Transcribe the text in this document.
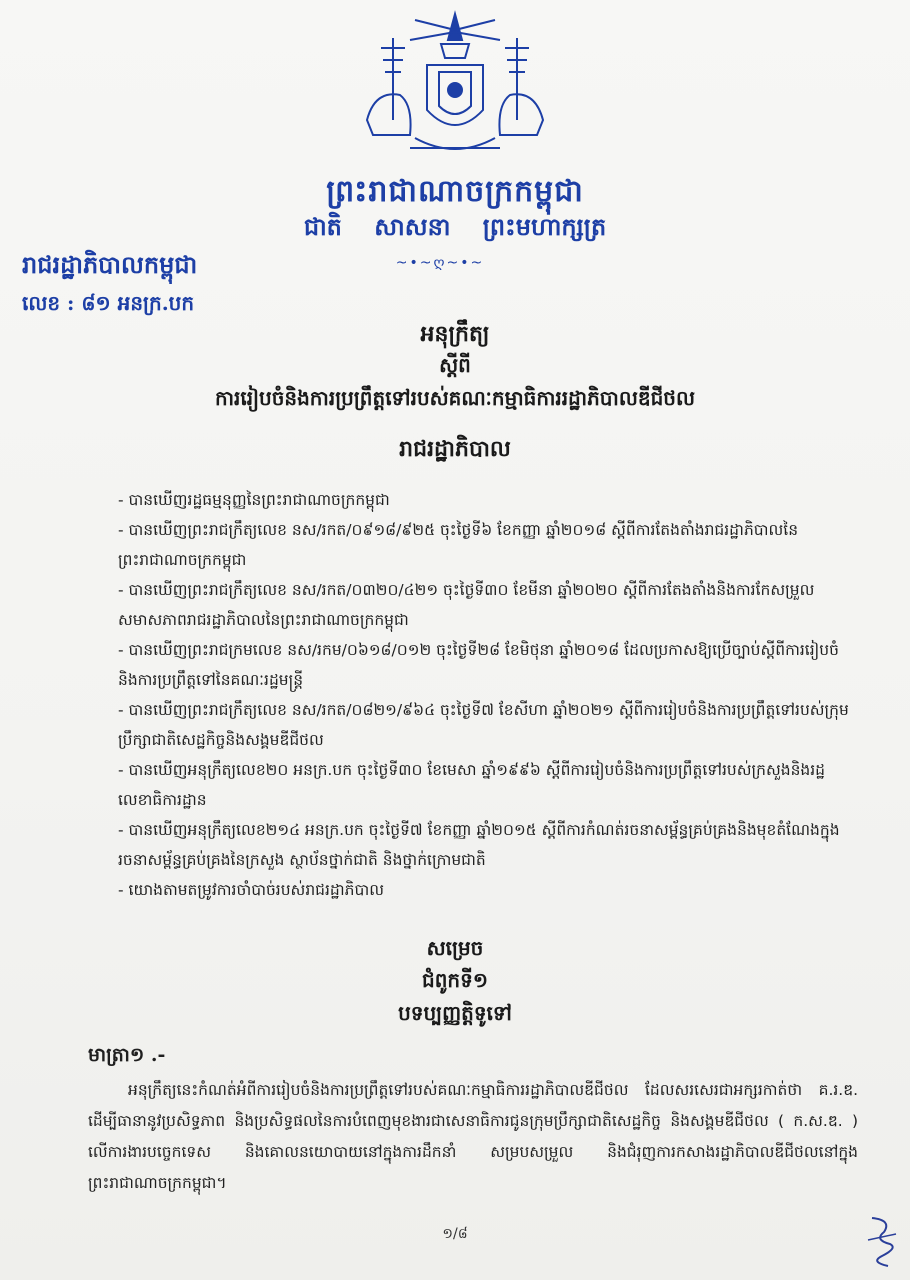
ព្រះរាជាណាចក្រកម្ពុជា
ជាតិ សាសនា ព្រះមហាក្សត្រ
~•~ღ~•~
រាជរដ្ឋាភិបាលកម្ពុជា
លេខ : ៨១ អនក្រ.បក
អនុក្រឹត្យ
ស្តីពី
ការរៀបចំនិងការប្រព្រឹត្តទៅរបស់គណៈកម្មាធិការរដ្ឋាភិបាលឌីជីថល
រាជរដ្ឋាភិបាល
- បានឃើញរដ្ឋធម្មនុញ្ញនៃព្រះរាជាណាចក្រកម្ពុជា
- បានឃើញព្រះរាជក្រឹត្យលេខ នស/រកត/០៩១៨/៩២៥ ចុះថ្ងៃទី៦ ខែកញ្ញា ឆ្នាំ២០១៨ ស្តីពីការតែងតាំងរាជរដ្ឋាភិបាលនៃព្រះរាជាណាចក្រកម្ពុជា
- បានឃើញព្រះរាជក្រឹត្យលេខ នស/រកត/០៣២០/៤២១ ចុះថ្ងៃទី៣០ ខែមីនា ឆ្នាំ២០២០ ស្តីពីការតែងតាំងនិងការកែសម្រួលសមាសភាពរាជរដ្ឋាភិបាលនៃព្រះរាជាណាចក្រកម្ពុជា
- បានឃើញព្រះរាជក្រមលេខ នស/រកម/០៦១៨/០១២ ចុះថ្ងៃទី២៨ ខែមិថុនា ឆ្នាំ២០១៨ ដែលប្រកាសឱ្យប្រើច្បាប់ស្តីពីការរៀបចំនិងការប្រព្រឹត្តទៅនៃគណៈរដ្ឋមន្ត្រី
- បានឃើញព្រះរាជក្រឹត្យលេខ នស/រកត/០៨២១/៩៦៤ ចុះថ្ងៃទី៧ ខែសីហា ឆ្នាំ២០២១ ស្តីពីការរៀបចំនិងការប្រព្រឹត្តទៅរបស់ក្រុមប្រឹក្សាជាតិសេដ្ឋកិច្ចនិងសង្គមឌីជីថល
- បានឃើញអនុក្រឹត្យលេខ២០ អនក្រ.បក ចុះថ្ងៃទី៣០ ខែមេសា ឆ្នាំ១៩៩៦ ស្តីពីការរៀបចំនិងការប្រព្រឹត្តទៅរបស់ក្រសួងនិងរដ្ឋលេខាធិការដ្ឋាន
- បានឃើញអនុក្រឹត្យលេខ២១៤ អនក្រ.បក ចុះថ្ងៃទី៧ ខែកញ្ញា ឆ្នាំ២០១៥ ស្តីពីការកំណត់រចនាសម្ព័ន្ធគ្រប់គ្រងនិងមុខតំណែងក្នុងរចនាសម្ព័ន្ធគ្រប់គ្រងនៃក្រសួង ស្ថាប័នថ្នាក់ជាតិ និងថ្នាក់ក្រោមជាតិ
- យោងតាមតម្រូវការចាំបាច់របស់រាជរដ្ឋាភិបាល
សម្រេច
ជំពូកទី១
បទប្បញ្ញត្តិទូទៅ
មាត្រា១ .-
អនុក្រឹត្យនេះកំណត់អំពីការរៀបចំនិងការប្រព្រឹត្តទៅរបស់គណៈកម្មាធិការរដ្ឋាភិបាលឌីជីថល ដែលសរសេរជាអក្សរកាត់ថា គ.រ.ឌ. ដើម្បីធានានូវប្រសិទ្ធភាព និងប្រសិទ្ធផលនៃការបំពេញមុខងារជាសេនាធិការជូនក្រុមប្រឹក្សាជាតិសេដ្ឋកិច្ច និងសង្គមឌីជីថល ( ក.ស.ឌ. ) លើការងារបច្ចេកទេស និងគោលនយោបាយនៅក្នុងការដឹកនាំ សម្របសម្រួល និងជំរុញការកសាងរដ្ឋាភិបាលឌីជីថលនៅក្នុងព្រះរាជាណាចក្រកម្ពុជា។
១/៨
